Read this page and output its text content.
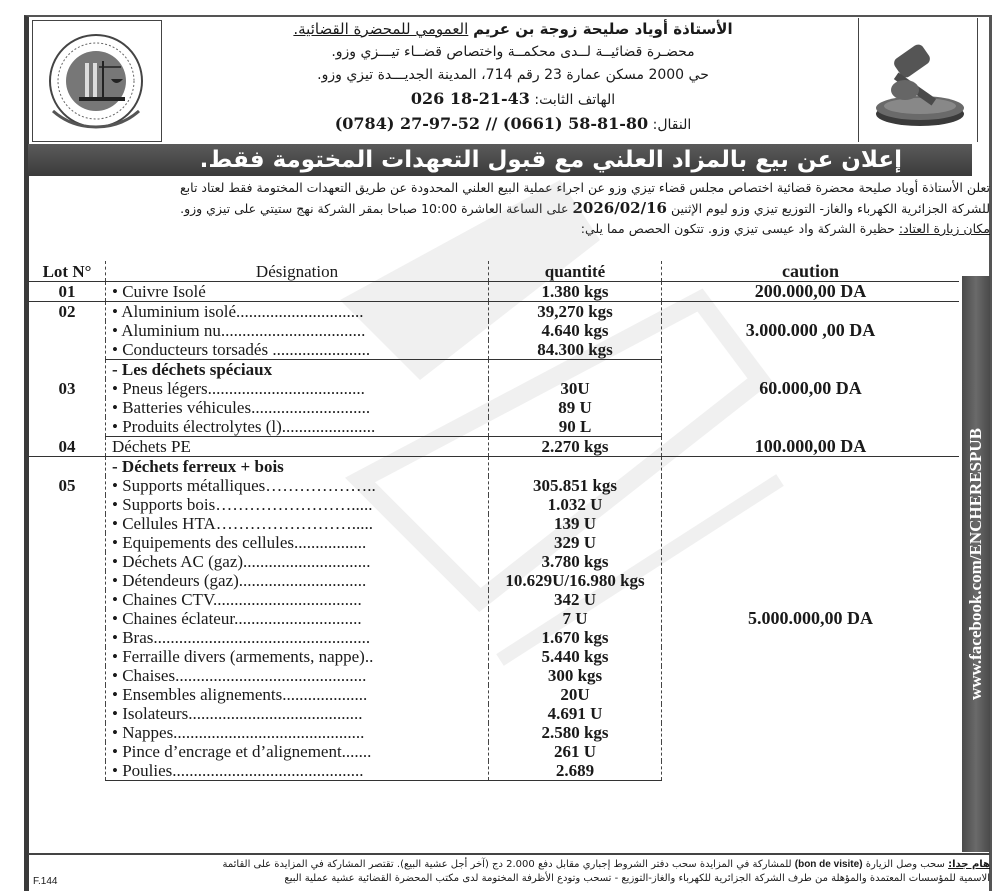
الأستاذة أوياد صليحة زوجة بن عريم العمومي للمحضرة القضائية.
محضـرة قضائيــة لــدى محكمــة واختصاص قضــاء تيـــزي وزو.
حي 2000 مسكن عمارة 23 رقم 714، المدينة الجديـــدة تيزي وزو.
الهاتف الثابت: 026 18-21-43
النقال: (0784) 27-97-52 // (0661) 58-81-80
إعلان عن بيع بالمزاد العلني مع قبول التعهدات المختومة فقط.
تعلن الأستاذة أوياد صليحة محضرة قضائية اختصاص مجلس قضاء تيزي وزو عن اجراء عملية البيع العلني المحدودة عن طريق التعهدات المختومة فقط لعتاد تابع
للشركة الجزائرية الكهرباء والغاز- التوزيع تيزي وزو ليوم الإثنين 2026/02/16 على الساعة العاشرة 10:00 صباحا بمقر الشركة نهج ستيتي على تيزي وزو.
مكان زيارة العتاد: حظيرة الشركة واد عيسى تيزي وزو. تتكون الحصص مما يلي:
Lot N°	Désignation	quantité	caution
01	• Cuivre Isolé	1.380 kgs	200.000,00 DA
02	• Aluminium isolé..............................	39,270 kgs	3.000.000 ,00 DA
	• Aluminium nu..................................	4.640 kgs	
	• Conducteurs torsadés .......................	84.300 kgs	
03	- Les déchets spéciaux		60.000,00 DA
	• Pneus légers.....................................	30U	
	• Batteries véhicules............................	89 U	
	• Produits électrolytes (l)......................	90 L	
04	Déchets PE	2.270 kgs	100.000,00 DA
05	- Déchets ferreux + bois		5.000.000,00 DA
	• Supports métalliques………………..	305.851 kgs	
	• Supports bois…………………….....	1.032 U	
	• Cellules HTA…………………….....	139 U	
	• Equipements des cellules.................	329 U	
	• Déchets AC (gaz)..............................	3.780 kgs	
	• Détendeurs (gaz)..............................	10.629U/16.980 kgs	
	• Chaines CTV...................................	342 U	
	• Chaines éclateur..............................	7 U	
	• Bras...................................................	1.670 kgs	
	• Ferraille divers (armements, nappe)..	5.440 kgs	
	• Chaises.............................................	300 kgs	
	• Ensembles alignements....................	20U	
	• Isolateurs.........................................	4.691 U	
	• Nappes.............................................	2.580 kgs	
	• Pince d’encrage et d’alignement.......	261 U	
	• Poulies.............................................	2.689	
www.facebook.com/ENCHERESPUB
هام جدا: سحب وصل الزيارة (bon de visite) للمشاركة في المزايدة سحب دفتر الشروط إجباري مقابل دفع 2.000 دج (آخر أجل عشية البيع). تقتصر المشاركة في المزايدة على القائمة
الاسمية للمؤسسات المعتمدة والمؤهلة من طرف الشركة الجزائرية للكهرباء والغاز-التوزيع - تسحب وتودع الأظرفة المختومة لدى مكتب المحضرة القضائية عشية عملية البيع
F.144
